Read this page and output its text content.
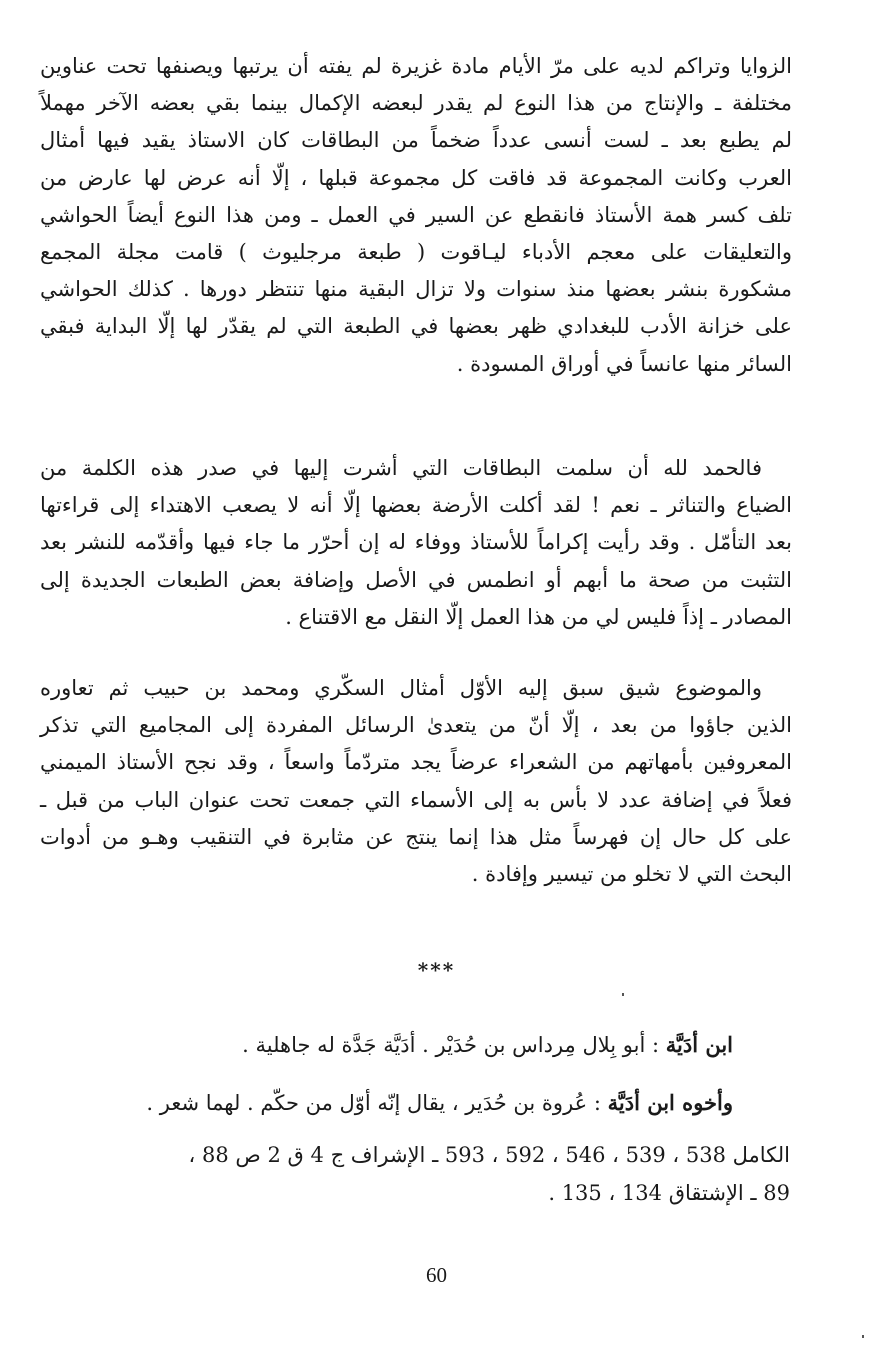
الزوايا وتراكم لديه على مرّ الأيام مادة غزيرة لم يفته أن يرتبها ويصنفها تحت عناوين
مختلفة ـ والإنتاج من هذا النوع لم يقدر لبعضه الإكمال بينما بقي بعضه الآخر مهملاً
لم يطبع بعد ـ لست أنسى عدداً ضخماً من البطاقات كان الاستاذ يقيد فيها أمثال
العرب وكانت المجموعة قد فاقت كل مجموعة قبلها ، إلّا أنه عرض لها عارض من
تلف كسر همة الأستاذ فانقطع عن السير في العمل ـ ومن هذا النوع أيضاً الحواشي
والتعليقات على معجم الأدباء ليـاقوت ( طبعة مرجليوث ) قامت مجلة المجمع
مشكورة بنشر بعضها منذ سنوات ولا تزال البقية منها تنتظر دورها . كذلك الحواشي
على خزانة الأدب للبغدادي ظهر بعضها في الطبعة التي لم يقدّر لها إلّا البداية فبقي
السائر منها عانساً في أوراق المسودة .
فالحمد لله أن سلمت البطاقات التي أشرت إليها في صدر هذه الكلمة من
الضياع والتناثر ـ نعم ! لقد أكلت الأرضة بعضها إلّا أنه لا يصعب الاهتداء إلى قراءتها
بعد التأمّل . وقد رأيت إكراماً للأستاذ ووفاء له إن أحرّر ما جاء فيها وأقدّمه للنشر بعد
التثبت من صحة ما أبهم أو انطمس في الأصل وإضافة بعض الطبعات الجديدة إلى
المصادر ـ إذاً فليس لي من هذا العمل إلّا النقل مع الاقتناع .
والموضوع شيق سبق إليه الأوّل أمثال السكّري ومحمد بن حبيب ثم تعاوره
الذين جاؤوا من بعد ، إلّا أنّ من يتعدىٰ الرسائل المفردة إلى المجاميع التي تذكر
المعروفين بأمهاتهم من الشعراء عرضاً يجد متردّماً واسعاً ، وقد نجح الأستاذ الميمني
فعلاً في إضافة عدد لا بأس به إلى الأسماء التي جمعت تحت عنوان الباب من قبل ـ
على كل حال إن فهرساً مثل هذا إنما ينتج عن مثابرة في التنقيب وهـو من أدوات
البحث التي لا تخلو من تيسير وإفادة .

***

ابن أدَيَّة : أبو بِلال مِرداس بن حُدَيْر . أدَيَّة جَدَّة له جاهلية .

وأخوه ابن أدَيَّة : عُروة بن حُدَير ، يقال إنّه أوّل من حكّم . لهما شعر .

الكامل 538 ، 539 ، 546 ، 592 ، 593 ـ الإشراف ج 4 ق 2 ص 88 ،
89 ـ الإشتقاق 134 ، 135 .

60
